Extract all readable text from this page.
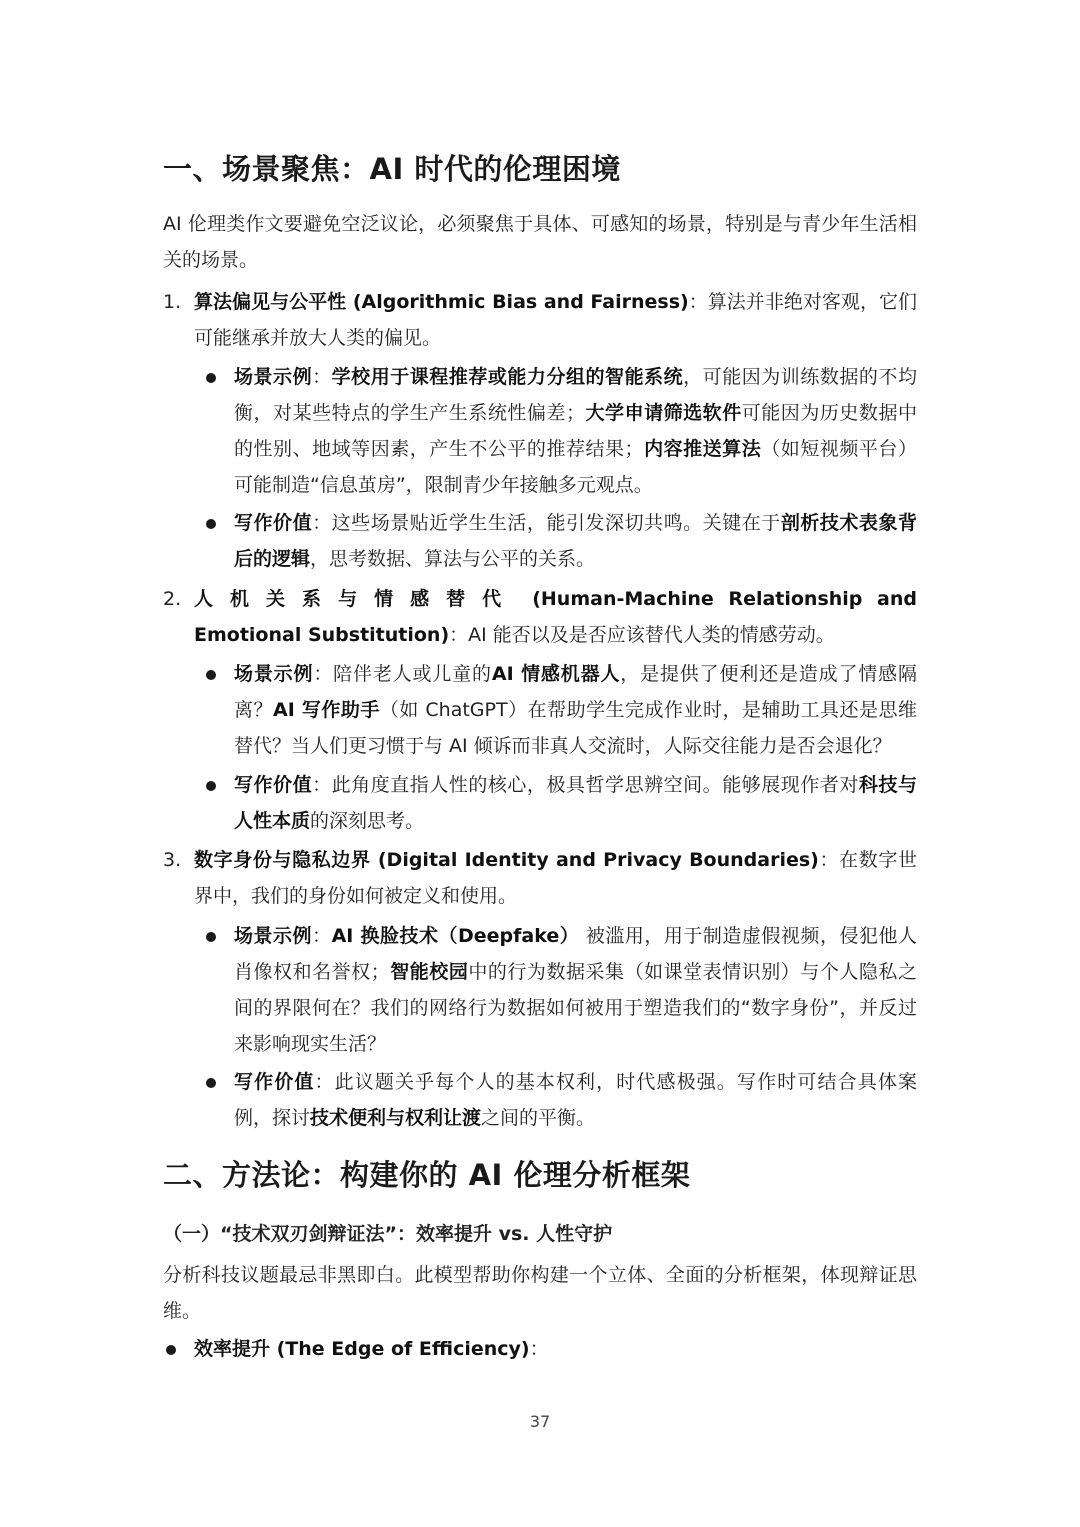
一、场景聚焦：AI 时代的伦理困境

AI 伦理类作文要避免空泛议论，必须聚焦于具体、可感知的场景，特别是与青少年生活相关的场景。

1. 算法偏见与公平性 (Algorithmic Bias and Fairness)：算法并非绝对客观，它们可能继承并放大人类的偏见。

场景示例：学校用于课程推荐或能力分组的智能系统，可能因为训练数据的不均衡，对某些特点的学生产生系统性偏差；大学申请筛选软件可能因为历史数据中的性别、地域等因素，产生不公平的推荐结果；内容推送算法（如短视频平台）可能制造“信息茧房”，限制青少年接触多元观点。

写作价值：这些场景贴近学生生活，能引发深切共鸣。关键在于剖析技术表象背后的逻辑，思考数据、算法与公平的关系。

2. 人机关系与情感替代 (Human-Machine Relationship and Emotional Substitution)：AI 能否以及是否应该替代人类的情感劳动。

场景示例：陪伴老人或儿童的AI 情感机器人，是提供了便利还是造成了情感隔离？AI 写作助手（如 ChatGPT）在帮助学生完成作业时，是辅助工具还是思维替代？当人们更习惯于与 AI 倾诉而非真人交流时，人际交往能力是否会退化？

写作价值：此角度直指人性的核心，极具哲学思辨空间。能够展现作者对科技与人性本质的深刻思考。

3. 数字身份与隐私边界 (Digital Identity and Privacy Boundaries)：在数字世界中，我们的身份如何被定义和使用。

场景示例：AI 换脸技术（Deepfake） 被滥用，用于制造虚假视频，侵犯他人肖像权和名誉权；智能校园中的行为数据采集（如课堂表情识别）与个人隐私之间的界限何在？我们的网络行为数据如何被用于塑造我们的“数字身份”，并反过来影响现实生活？

写作价值：此议题关乎每个人的基本权利，时代感极强。写作时可结合具体案例，探讨技术便利与权利让渡之间的平衡。

二、方法论：构建你的 AI 伦理分析框架

（一）“技术双刃剑辩证法”：效率提升 vs. 人性守护

分析科技议题最忌非黑即白。此模型帮助你构建一个立体、全面的分析框架，体现辩证思维。

效率提升 (The Edge of Efficiency)：

37
